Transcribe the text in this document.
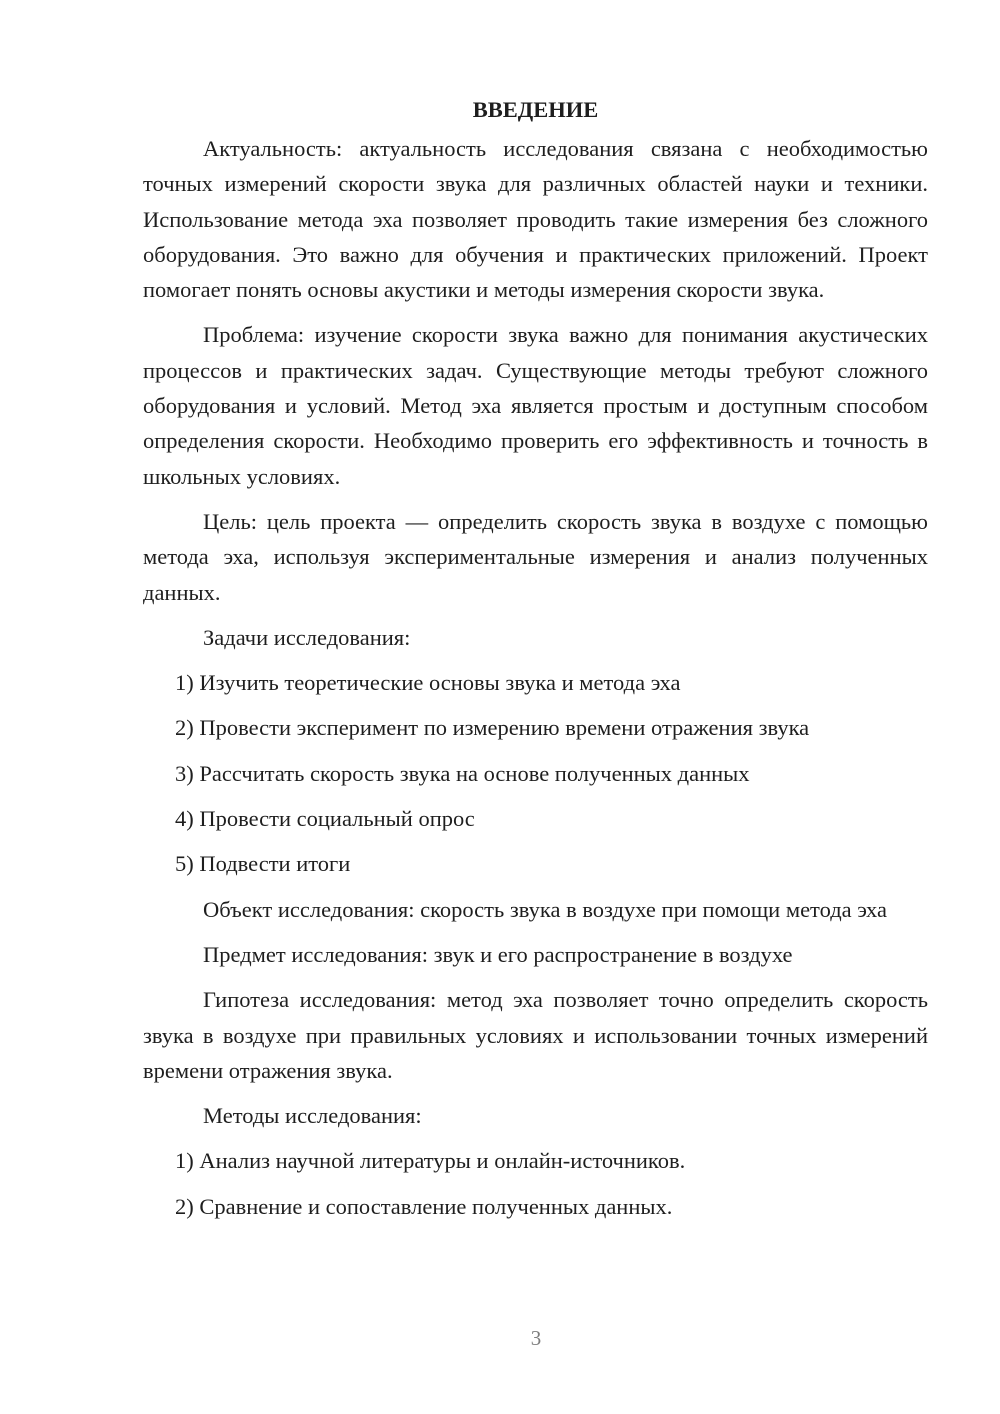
ВВЕДЕНИЕ

Актуальность: актуальность исследования связана с необходимостью точных измерений скорости звука для различных областей науки и техники. Использование метода эха позволяет проводить такие измерения без сложного оборудования. Это важно для обучения и практических приложений. Проект помогает понять основы акустики и методы измерения скорости звука.

Проблема: изучение скорости звука важно для понимания акустических процессов и практических задач. Существующие методы требуют сложного оборудования и условий. Метод эха является простым и доступным способом определения скорости. Необходимо проверить его эффективность и точность в школьных условиях.

Цель: цель проекта — определить скорость звука в воздухе с помощью метода эха, используя экспериментальные измерения и анализ полученных данных.

Задачи исследования:

1) Изучить теоретические основы звука и метода эха
2) Провести эксперимент по измерению времени отражения звука
3) Рассчитать скорость звука на основе полученных данных
4) Провести социальный опрос
5) Подвести итоги

Объект исследования: скорость звука в воздухе при помощи метода эха

Предмет исследования: звук и его распространение в воздухе

Гипотеза исследования: метод эха позволяет точно определить скорость звука в воздухе при правильных условиях и использовании точных измерений времени отражения звука.

Методы исследования:

1) Анализ научной литературы и онлайн-источников.
2) Сравнение и сопоставление полученных данных.
3
